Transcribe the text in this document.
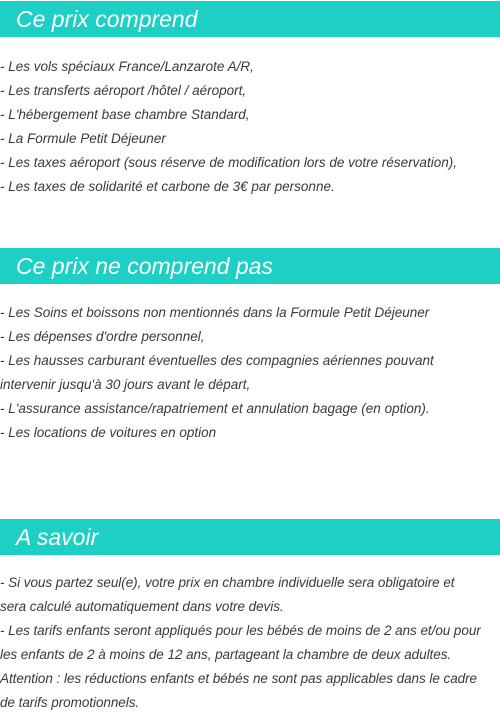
Ce prix comprend
- Les vols spéciaux France/Lanzarote A/R,
- Les transferts aéroport /hôtel / aéroport,
- L'hébergement base chambre Standard,
- La Formule Petit Déjeuner
- Les taxes aéroport (sous réserve de modification lors de votre réservation),
- Les taxes de solidarité et carbone de 3€ par personne.
Ce prix ne comprend pas
- Les Soins et boissons non mentionnés dans la Formule Petit Déjeuner
- Les dépenses d'ordre personnel,
- Les hausses carburant éventuelles des compagnies aériennes pouvant
intervenir jusqu'à 30 jours avant le départ,
- L'assurance assistance/rapatriement et annulation bagage (en option).
- Les locations de voitures en option
A savoir
- Si vous partez seul(e), votre prix en chambre individuelle sera obligatoire et
sera calculé automatiquement dans votre devis.
- Les tarifs enfants seront appliqués pour les bébés de moins de 2 ans et/ou pour
les enfants de 2 à moins de 12 ans, partageant la chambre de deux adultes.
Attention : les réductions enfants et bébés ne sont pas applicables dans le cadre
de tarifs promotionnels.
